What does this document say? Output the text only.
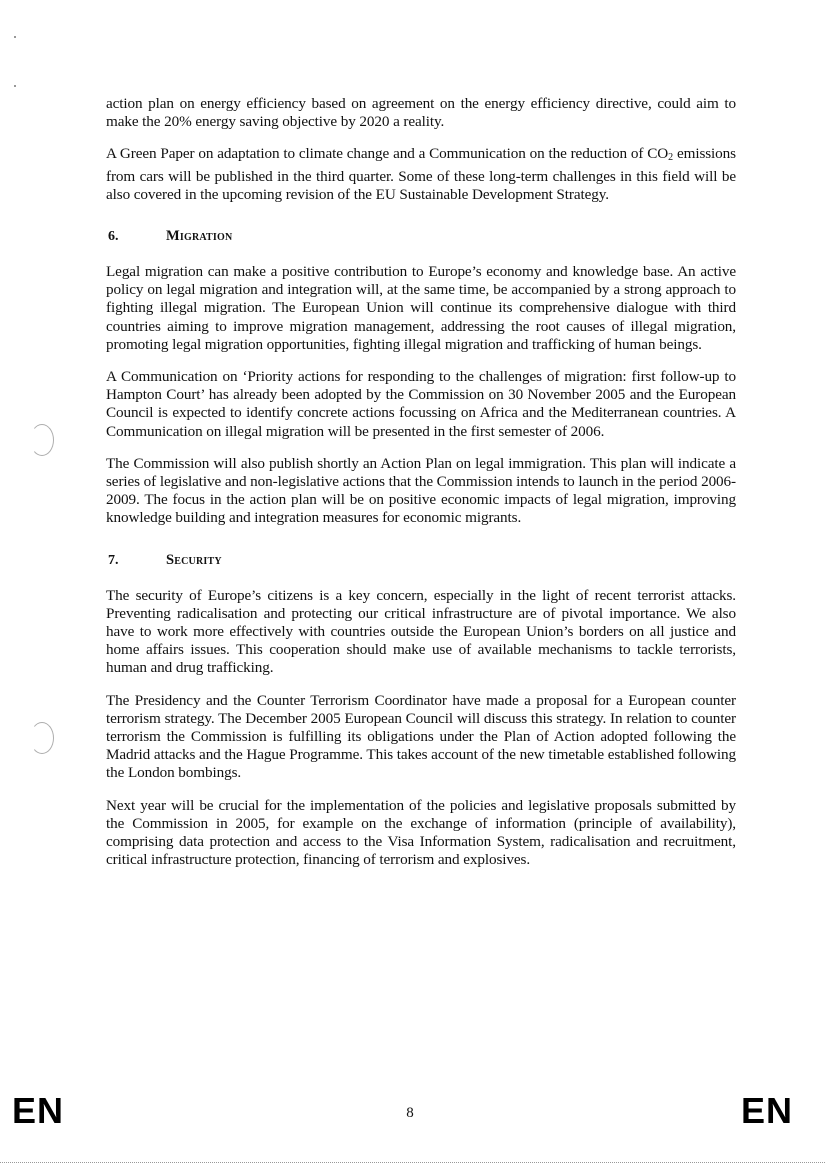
action plan on energy efficiency based on agreement on the energy efficiency directive, could aim to make the 20% energy saving objective by 2020 a reality.

A Green Paper on adaptation to climate change and a Communication on the reduction of $CO_2$ emissions from cars will be published in the third quarter. Some of these long-term challenges in this field will be also covered in the upcoming revision of the EU Sustainable Development Strategy.

6.	Migration

Legal migration can make a positive contribution to Europe’s economy and knowledge base. An active policy on legal migration and integration will, at the same time, be accompanied by a strong approach to fighting illegal migration. The European Union will continue its comprehensive dialogue with third countries aiming to improve migration management, addressing the root causes of illegal migration, promoting legal migration opportunities, fighting illegal migration and trafficking of human beings.

A Communication on ‘Priority actions for responding to the challenges of migration: first follow-up to Hampton Court’ has already been adopted by the Commission on 30 November 2005 and the European Council is expected to identify concrete actions focussing on Africa and the Mediterranean countries. A Communication on illegal migration will be presented in the first semester of 2006.

The Commission will also publish shortly an Action Plan on legal immigration. This plan will indicate a series of legislative and non-legislative actions that the Commission intends to launch in the period 2006-2009. The focus in the action plan will be on positive economic impacts of legal migration, improving knowledge building and integration measures for economic migrants.

7.	Security

The security of Europe’s citizens is a key concern, especially in the light of recent terrorist attacks. Preventing radicalisation and protecting our critical infrastructure are of pivotal importance. We also have to work more effectively with countries outside the European Union’s borders on all justice and home affairs issues. This cooperation should make use of available mechanisms to tackle terrorists, human and drug trafficking.

The Presidency and the Counter Terrorism Coordinator have made a proposal for a European counter terrorism strategy. The December 2005 European Council will discuss this strategy. In relation to counter terrorism the Commission is fulfilling its obligations under the Plan of Action adopted following the Madrid attacks and the Hague Programme. This takes account of the new timetable established following the London bombings.

Next year will be crucial for the implementation of the policies and legislative proposals submitted by the Commission in 2005, for example on the exchange of information (principle of availability), comprising data protection and access to the Visa Information System, radicalisation and recruitment, critical infrastructure protection, financing of terrorism and explosives.

EN	8	EN
